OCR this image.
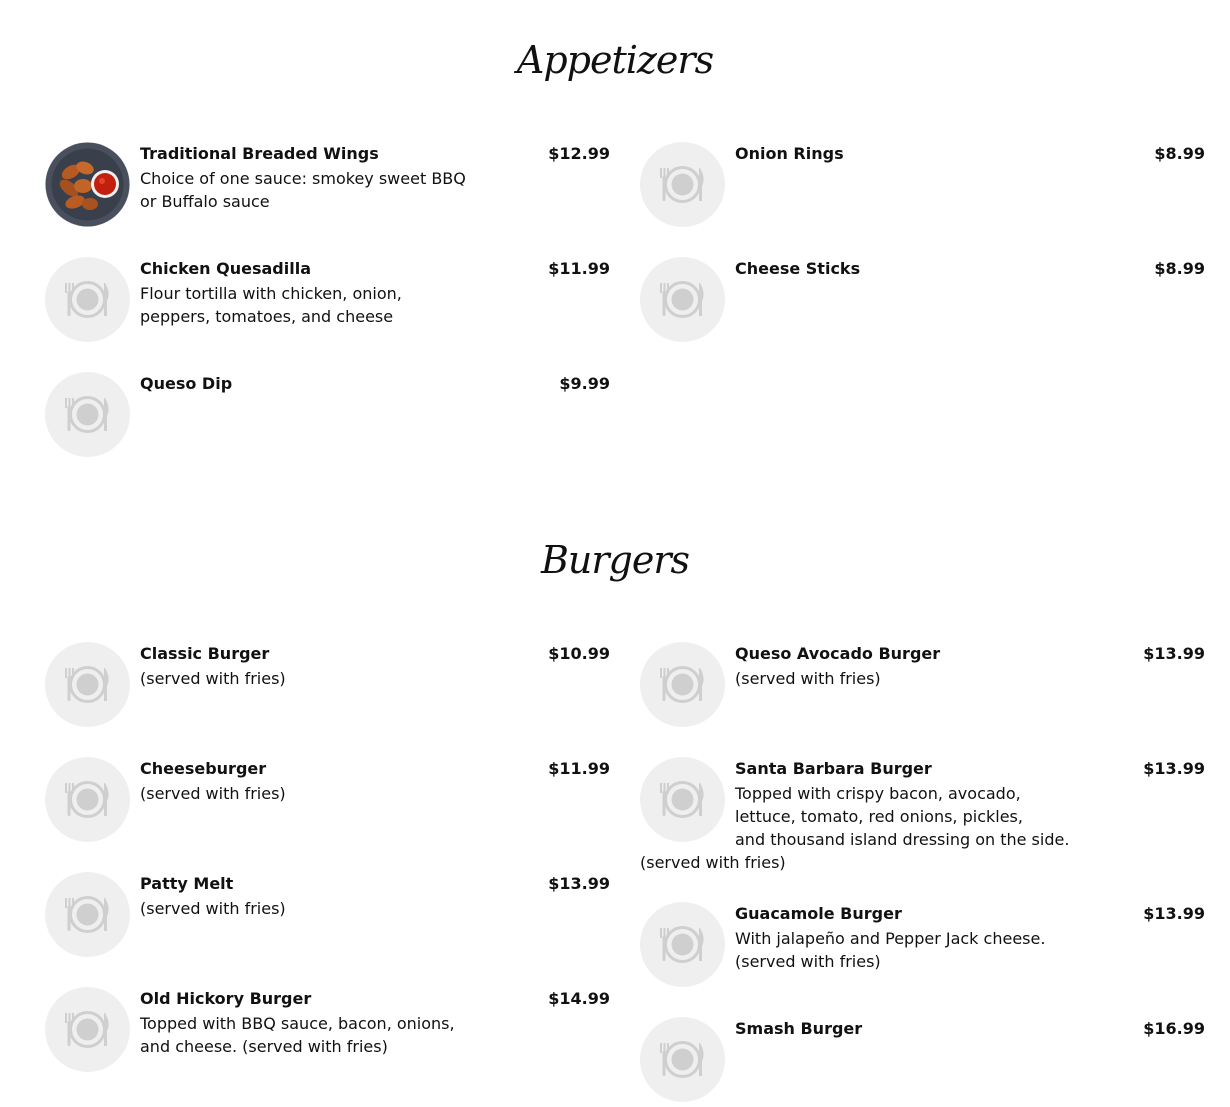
Appetizers
Traditional Breaded Wings	$12.99
Choice of one sauce: smokey sweet BBQ or Buffalo sauce
Onion Rings	$8.99
Chicken Quesadilla	$11.99
Flour tortilla with chicken, onion, peppers, tomatoes, and cheese
Cheese Sticks	$8.99
Queso Dip	$9.99
Burgers
Classic Burger	$10.99
(served with fries)
Queso Avocado Burger	$13.99
(served with fries)
Cheeseburger	$11.99
(served with fries)
Santa Barbara Burger	$13.99
Topped with crispy bacon, avocado,
lettuce, tomato, red onions, pickles,
and thousand island dressing on the side.
(served with fries)
Patty Melt	$13.99
(served with fries)	Guacamole Burger	$13.99
With jalapeño and Pepper Jack cheese.
(served with fries)
Old Hickory Burger	$14.99
Topped with BBQ sauce, bacon, onions, and cheese. (served with fries)
Smash Burger	$16.99
